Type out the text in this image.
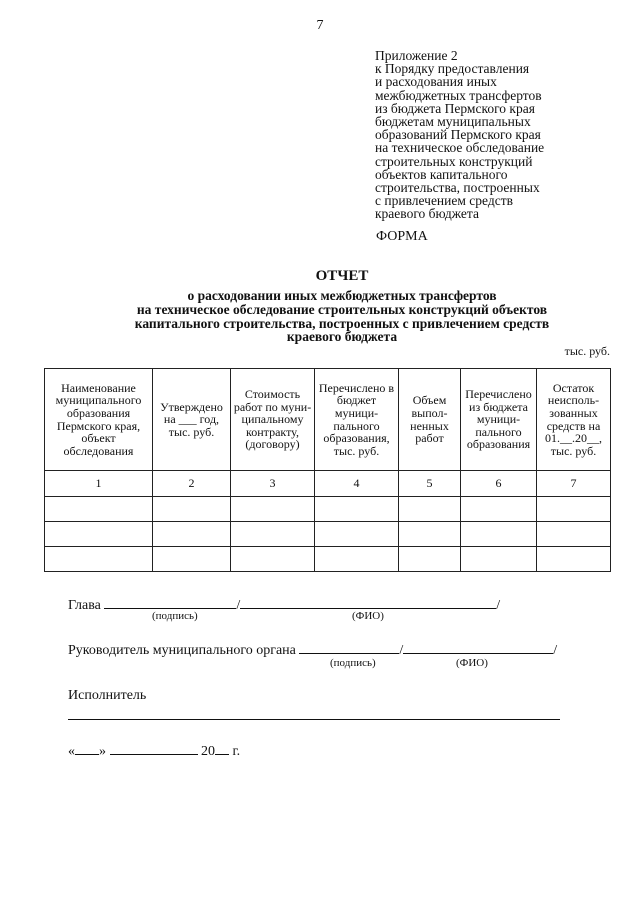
7
Приложение 2
к Порядку предоставления
и расходования иных
межбюджетных трансфертов
из бюджета Пермского края
бюджетам муниципальных
образований Пермского края
на техническое обследование
строительных конструкций
объектов капитального
строительства, построенных
с привлечением средств
краевого бюджета
ФОРМА
ОТЧЕТ
о расходовании иных межбюджетных трансфертов
на техническое обследование строительных конструкций объектов
капитального строительства, построенных с привлечением средств
краевого бюджета
тыс. руб.
Наименование муниципального образования Пермского края, объект обследования	Утверждено на ___ год, тыс. руб.	Стоимость работ по муни-ципальному контракту, (договору)	Перечислено в бюджет муници-пального образования, тыс. руб.	Объем выпол-ненных работ	Перечислено из бюджета муници-пального образования	Остаток неисполь-зованных средств на 01.__.20__, тыс. руб.
1	2	3	4	5	6	7

Глава	/	/
(подпись)	(ФИО)
Руководитель муниципального органа	/	/
(подпись)	(ФИО)
Исполнитель
« »	20 г.
